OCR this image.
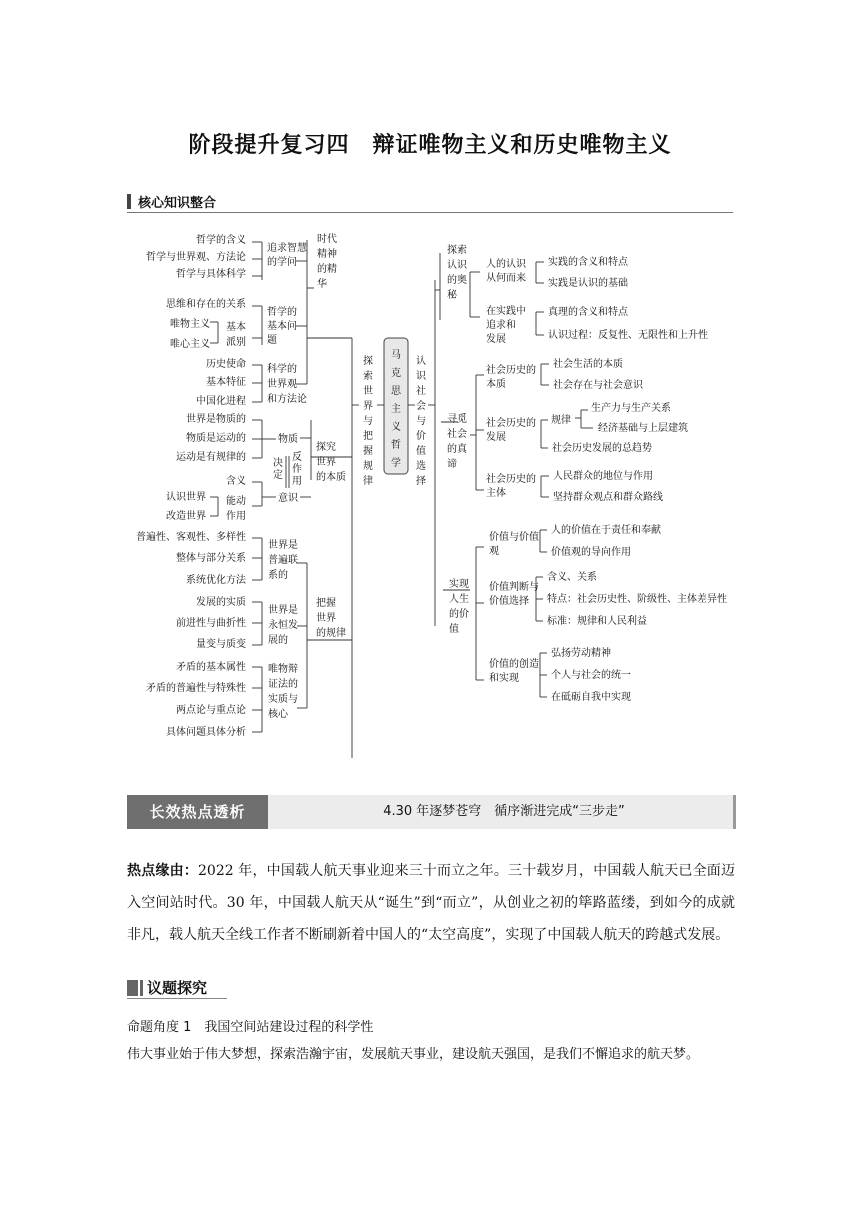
阶段提升复习四　辩证唯物主义和历史唯物主义
核心知识整合
马克思主义哲学
探索世界与把握规律
认识社会与价值选择
时代精神的精华
追求智慧的学问
哲学的含义
哲学与世界观、方法论
哲学与具体科学
哲学的基本问题
思维和存在的关系
基本派别
唯物主义
唯心主义
科学的世界观和方法论
历史使命
基本特征
中国化进程
探究世界的本质
物质
世界是物质的
物质是运动的
运动是有规律的
决定
反作用
意识
含义
能动作用
认识世界
改造世界
把握世界的规律
世界是普遍联系的
普遍性、客观性、多样性
整体与部分关系
系统优化方法
世界是永恒发展的
发展的实质
前进性与曲折性
量变与质变
唯物辩证法的实质与核心
矛盾的基本属性
矛盾的普遍性与特殊性
两点论与重点论
具体问题具体分析
探索认识的奥秘
人的认识从何而来
实践的含义和特点
实践是认识的基础
在实践中追求和发展
真理的含义和特点
认识过程：反复性、无限性和上升性
寻觅社会的真谛
社会历史的本质
社会生活的本质
社会存在与社会意识
社会历史的发展
规律
生产力与生产关系
经济基础与上层建筑
社会历史发展的总趋势
社会历史的主体
人民群众的地位与作用
坚持群众观点和群众路线
实现人生的价值
价值与价值观
人的价值在于责任和奉献
价值观的导向作用
价值判断与价值选择
含义、关系
特点：社会历史性、阶级性、主体差异性
标准：规律和人民利益
价值的创造和实现
弘扬劳动精神
个人与社会的统一
在砥砺自我中实现
长效热点透析	4.30 年逐梦苍穹　循序渐进完成“三步走”
热点缘由：2022 年，中国载人航天事业迎来三十而立之年。三十载岁月，中国载人航天已全面迈入空间站时代。30 年，中国载人航天从“诞生”到“而立”，从创业之初的筚路蓝缕，到如今的成就非凡，载人航天全线工作者不断刷新着中国人的“太空高度”，实现了中国载人航天的跨越式发展。
议题探究
命题角度 1　我国空间站建设过程的科学性
伟大事业始于伟大梦想，探索浩瀚宇宙，发展航天事业，建设航天强国，是我们不懈追求的航天梦。
